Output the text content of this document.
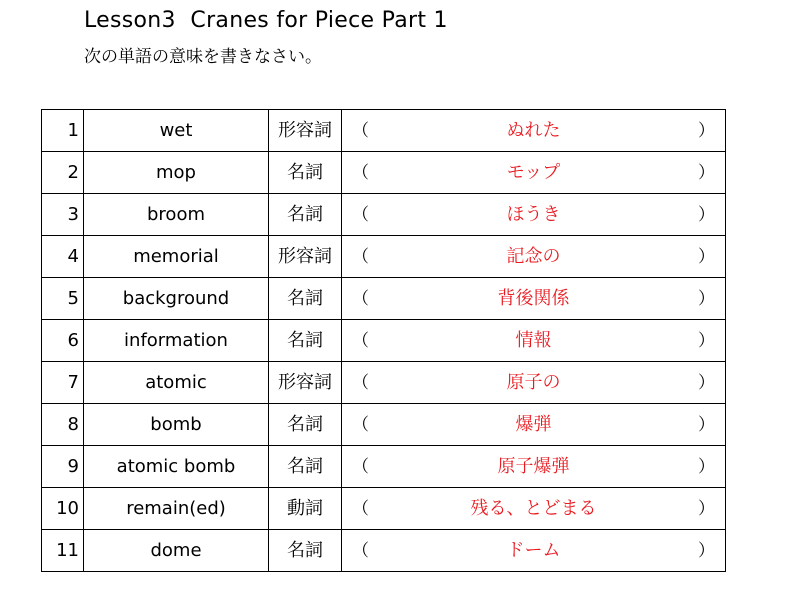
Lesson3  Cranes for Piece Part 1
次の単語の意味を書きなさい。
1	wet	形容詞	（ ぬれた ）

2	mop	名詞	（ モップ ）

3	broom	名詞	（ ほうき ）

4	memorial	形容詞	（ 記念の ）

5	background	名詞	（ 背後関係 ）

6	information	名詞	（ 情報 ）

7	atomic	形容詞	（ 原子の ）

8	bomb	名詞	（ 爆弾 ）

9	atomic bomb	名詞	（ 原子爆弾 ）

10	remain(ed)	動詞	（ 残る、とどまる ）

11	dome	名詞	（ ドーム ）
